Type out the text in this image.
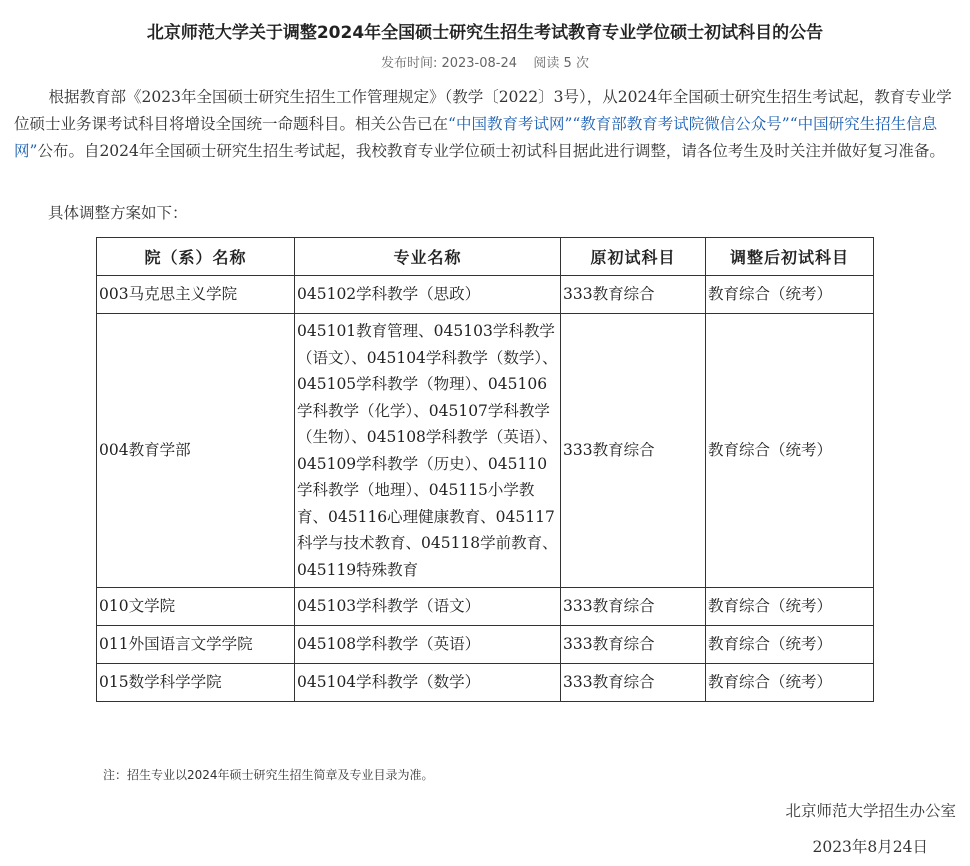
北京师范大学关于调整2024年全国硕士研究生招生考试教育专业学位硕士初试科目的公告
发布时间: 2023-08-24 阅读 5 次

根据教育部《2023年全国硕士研究生招生工作管理规定》（教学〔2022〕3号），从2024年全国硕士研究生招生考试起，教育专业学位硕士业务课考试科目将增设全国统一命题科目。相关公告已在“中国教育考试网”“教育部教育考试院微信公众号”“中国研究生招生信息网”公布。自2024年全国硕士研究生招生考试起，我校教育专业学位硕士初试科目据此进行调整，请各位考生及时关注并做好复习准备。

具体调整方案如下：
院（系）名称	专业名称	原初试科目	调整后初试科目
003马克思主义学院	045102学科教学（思政）	333教育综合	教育综合（统考）
004教育学部	045101教育管理、045103学科教学（语文）、045104学科教学（数学）、045105学科教学（物理）、045106学科教学（化学）、045107学科教学（生物）、045108学科教学（英语）、045109学科教学（历史）、045110学科教学（地理）、045115小学教育、045116心理健康教育、045117科学与技术教育、045118学前教育、045119特殊教育	333教育综合	教育综合（统考）
010文学院	045103学科教学（语文）	333教育综合	教育综合（统考）
011外国语言文学学院	045108学科教学（英语）	333教育综合	教育综合（统考）
015数学科学学院	045104学科教学（数学）	333教育综合	教育综合（统考）
注：招生专业以2024年硕士研究生招生简章及专业目录为准。
北京师范大学招生办公室
2023年8月24日
